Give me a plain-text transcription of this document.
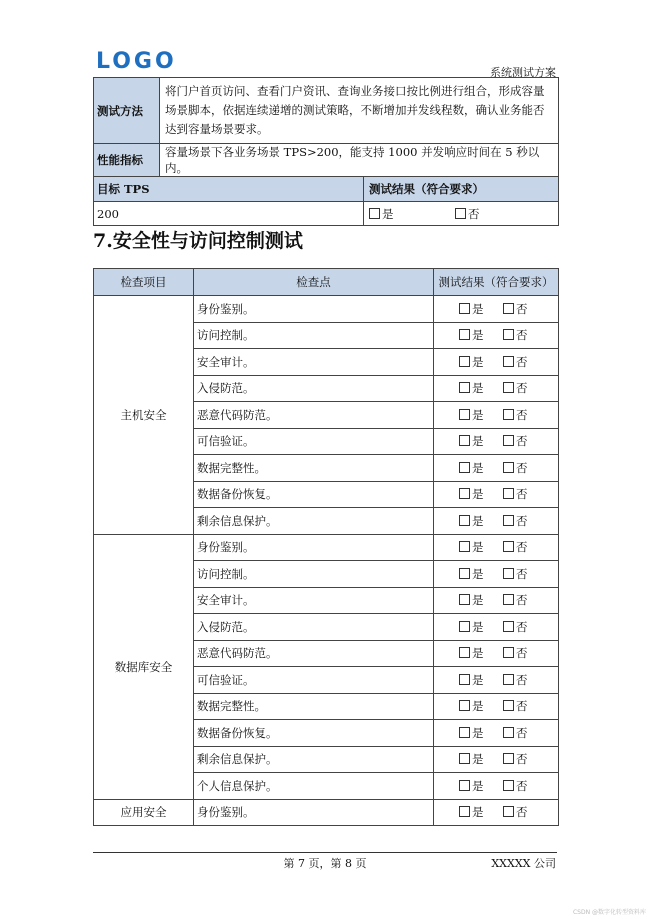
LOGO	系统测试方案
测试方法	将门户首页访问、查看门户资讯、查询业务接口按比例进行组合，形成容量场景脚本，依据连续递增的测试策略，不断增加并发线程数，确认业务能否达到容量场景要求。	
性能指标	容量场景下各业务场景 TPS>200，能支持 1000 并发响应时间在 5 秒以内。	
目标 TPS		测试结果（符合要求）
200		是 否
7.安全性与访问控制测试
检查项目	检查点	测试结果（符合要求）
主机安全	身份鉴别。	是 否
	访问控制。	是 否
	安全审计。	是 否
	入侵防范。	是 否
	恶意代码防范。	是 否
	可信验证。	是 否
	数据完整性。	是 否
	数据备份恢复。	是 否
	剩余信息保护。	是 否
数据库安全	身份鉴别。	是 否
	访问控制。	是 否
	安全审计。	是 否
	入侵防范。	是 否
	恶意代码防范。	是 否
	可信验证。	是 否
	数据完整性。	是 否
	数据备份恢复。	是 否
	剩余信息保护。	是 否
	个人信息保护。	是 否
应用安全	身份鉴别。	是 否
第 7 页，第 8 页	XXXXX 公司
CSDN @数字化转型资料库
